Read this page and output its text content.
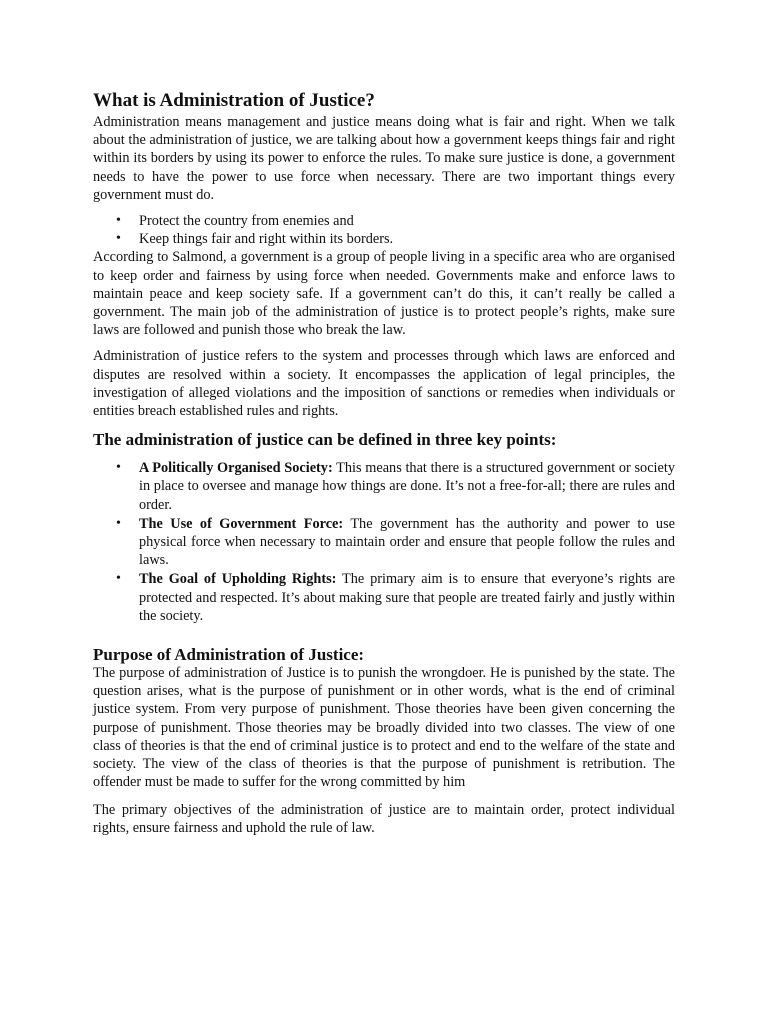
What is Administration of Justice?

Administration means management and justice means doing what is fair and right. When we talk about the administration of justice, we are talking about how a government keeps things fair and right within its borders by using its power to enforce the rules. To make sure justice is done, a government needs to have the power to use force when necessary. There are two important things every government must do.

• Protect the country from enemies and
• Keep things fair and right within its borders.

According to Salmond, a government is a group of people living in a specific area who are organised to keep order and fairness by using force when needed. Governments make and enforce laws to maintain peace and keep society safe. If a government can’t do this, it can’t really be called a government. The main job of the administration of justice is to protect people’s rights, make sure laws are followed and punish those who break the law.

Administration of justice refers to the system and processes through which laws are enforced and disputes are resolved within a society. It encompasses the application of legal principles, the investigation of alleged violations and the imposition of sanctions or remedies when individuals or entities breach established rules and rights.

The administration of justice can be defined in three key points:
• A Politically Organised Society: This means that there is a structured government or society in place to oversee and manage how things are done. It’s not a free-for-all; there are rules and order.
• The Use of Government Force: The government has the authority and power to use physical force when necessary to maintain order and ensure that people follow the rules and laws.
• The Goal of Upholding Rights: The primary aim is to ensure that everyone’s rights are protected and respected. It’s about making sure that people are treated fairly and justly within the society.
Purpose of Administration of Justice:

The purpose of administration of Justice is to punish the wrongdoer. He is punished by the state. The question arises, what is the purpose of punishment or in other words, what is the end of criminal justice system. From very purpose of punishment. Those theories have been given concerning the purpose of punishment. Those theories may be broadly divided into two classes. The view of one class of theories is that the end of criminal justice is to protect and end to the welfare of the state and society. The view of the class of theories is that the purpose of punishment is retribution. The offender must be made to suffer for the wrong committed by him

The primary objectives of the administration of justice are to maintain order, protect individual rights, ensure fairness and uphold the rule of law.
